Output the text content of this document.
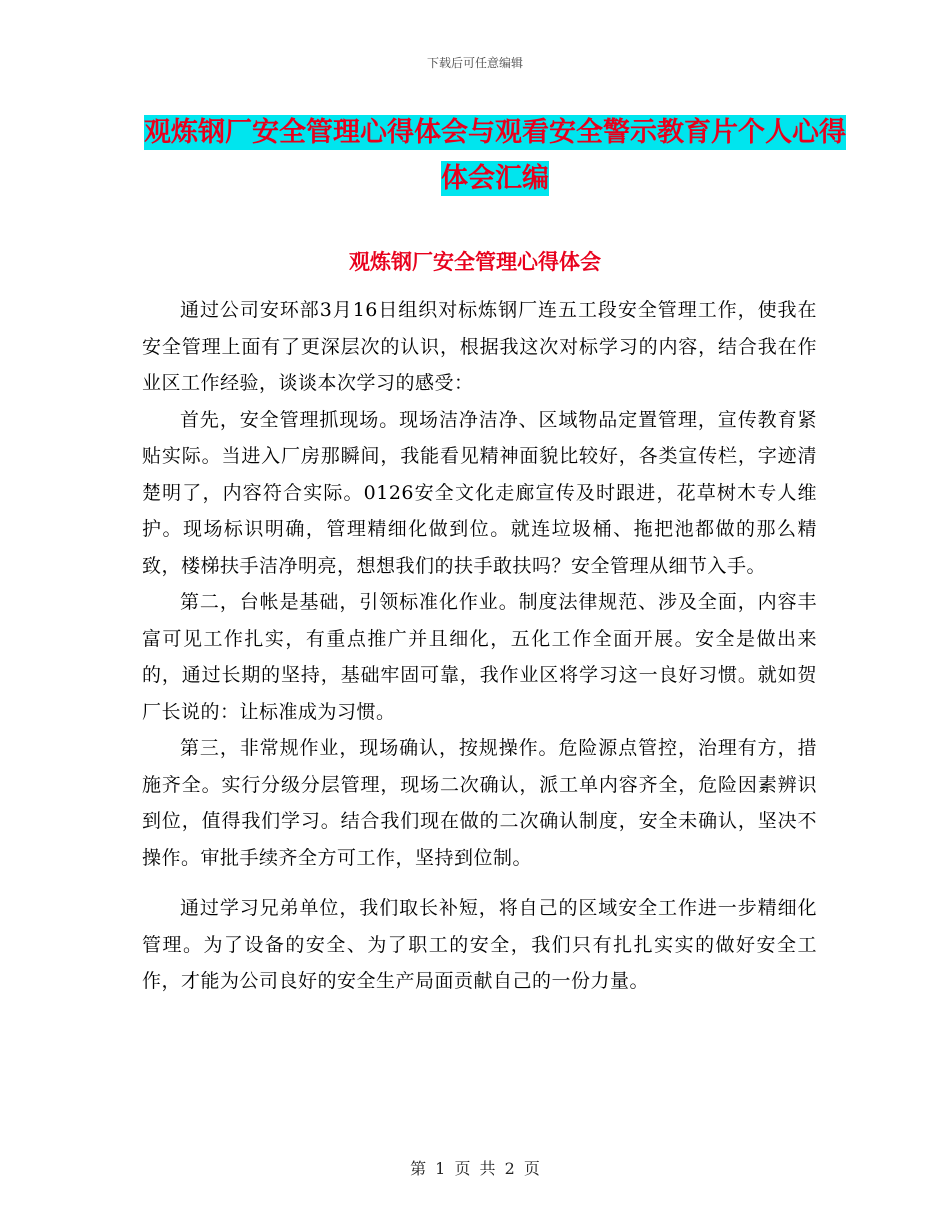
下载后可任意编辑
观炼钢厂安全管理心得体会与观看安全警示教育片个人心得体会汇编
观炼钢厂安全管理心得体会

通过公司安环部3月16日组织对标炼钢厂连五工段安全管理工作，使我在安全管理上面有了更深层次的认识，根据我这次对标学习的内容，结合我在作业区工作经验，谈谈本次学习的感受：

首先，安全管理抓现场。现场洁净洁净、区域物品定置管理，宣传教育紧贴实际。当进入厂房那瞬间，我能看见精神面貌比较好，各类宣传栏，字迹清楚明了，内容符合实际。0126安全文化走廊宣传及时跟进，花草树木专人维护。现场标识明确，管理精细化做到位。就连垃圾桶、拖把池都做的那么精致，楼梯扶手洁净明亮，想想我们的扶手敢扶吗？安全管理从细节入手。

第二，台帐是基础，引领标准化作业。制度法律规范、涉及全面，内容丰富可见工作扎实，有重点推广并且细化，五化工作全面开展。安全是做出来的，通过长期的坚持，基础牢固可靠，我作业区将学习这一良好习惯。就如贺厂长说的：让标准成为习惯。

第三，非常规作业，现场确认，按规操作。危险源点管控，治理有方，措施齐全。实行分级分层管理，现场二次确认，派工单内容齐全，危险因素辨识到位，值得我们学习。结合我们现在做的二次确认制度，安全未确认，坚决不操作。审批手续齐全方可工作，坚持到位制。

通过学习兄弟单位，我们取长补短，将自己的区域安全工作进一步精细化管理。为了设备的安全、为了职工的安全，我们只有扎扎实实的做好安全工作，才能为公司良好的安全生产局面贡献自己的一份力量。

第 1 页 共 2 页
